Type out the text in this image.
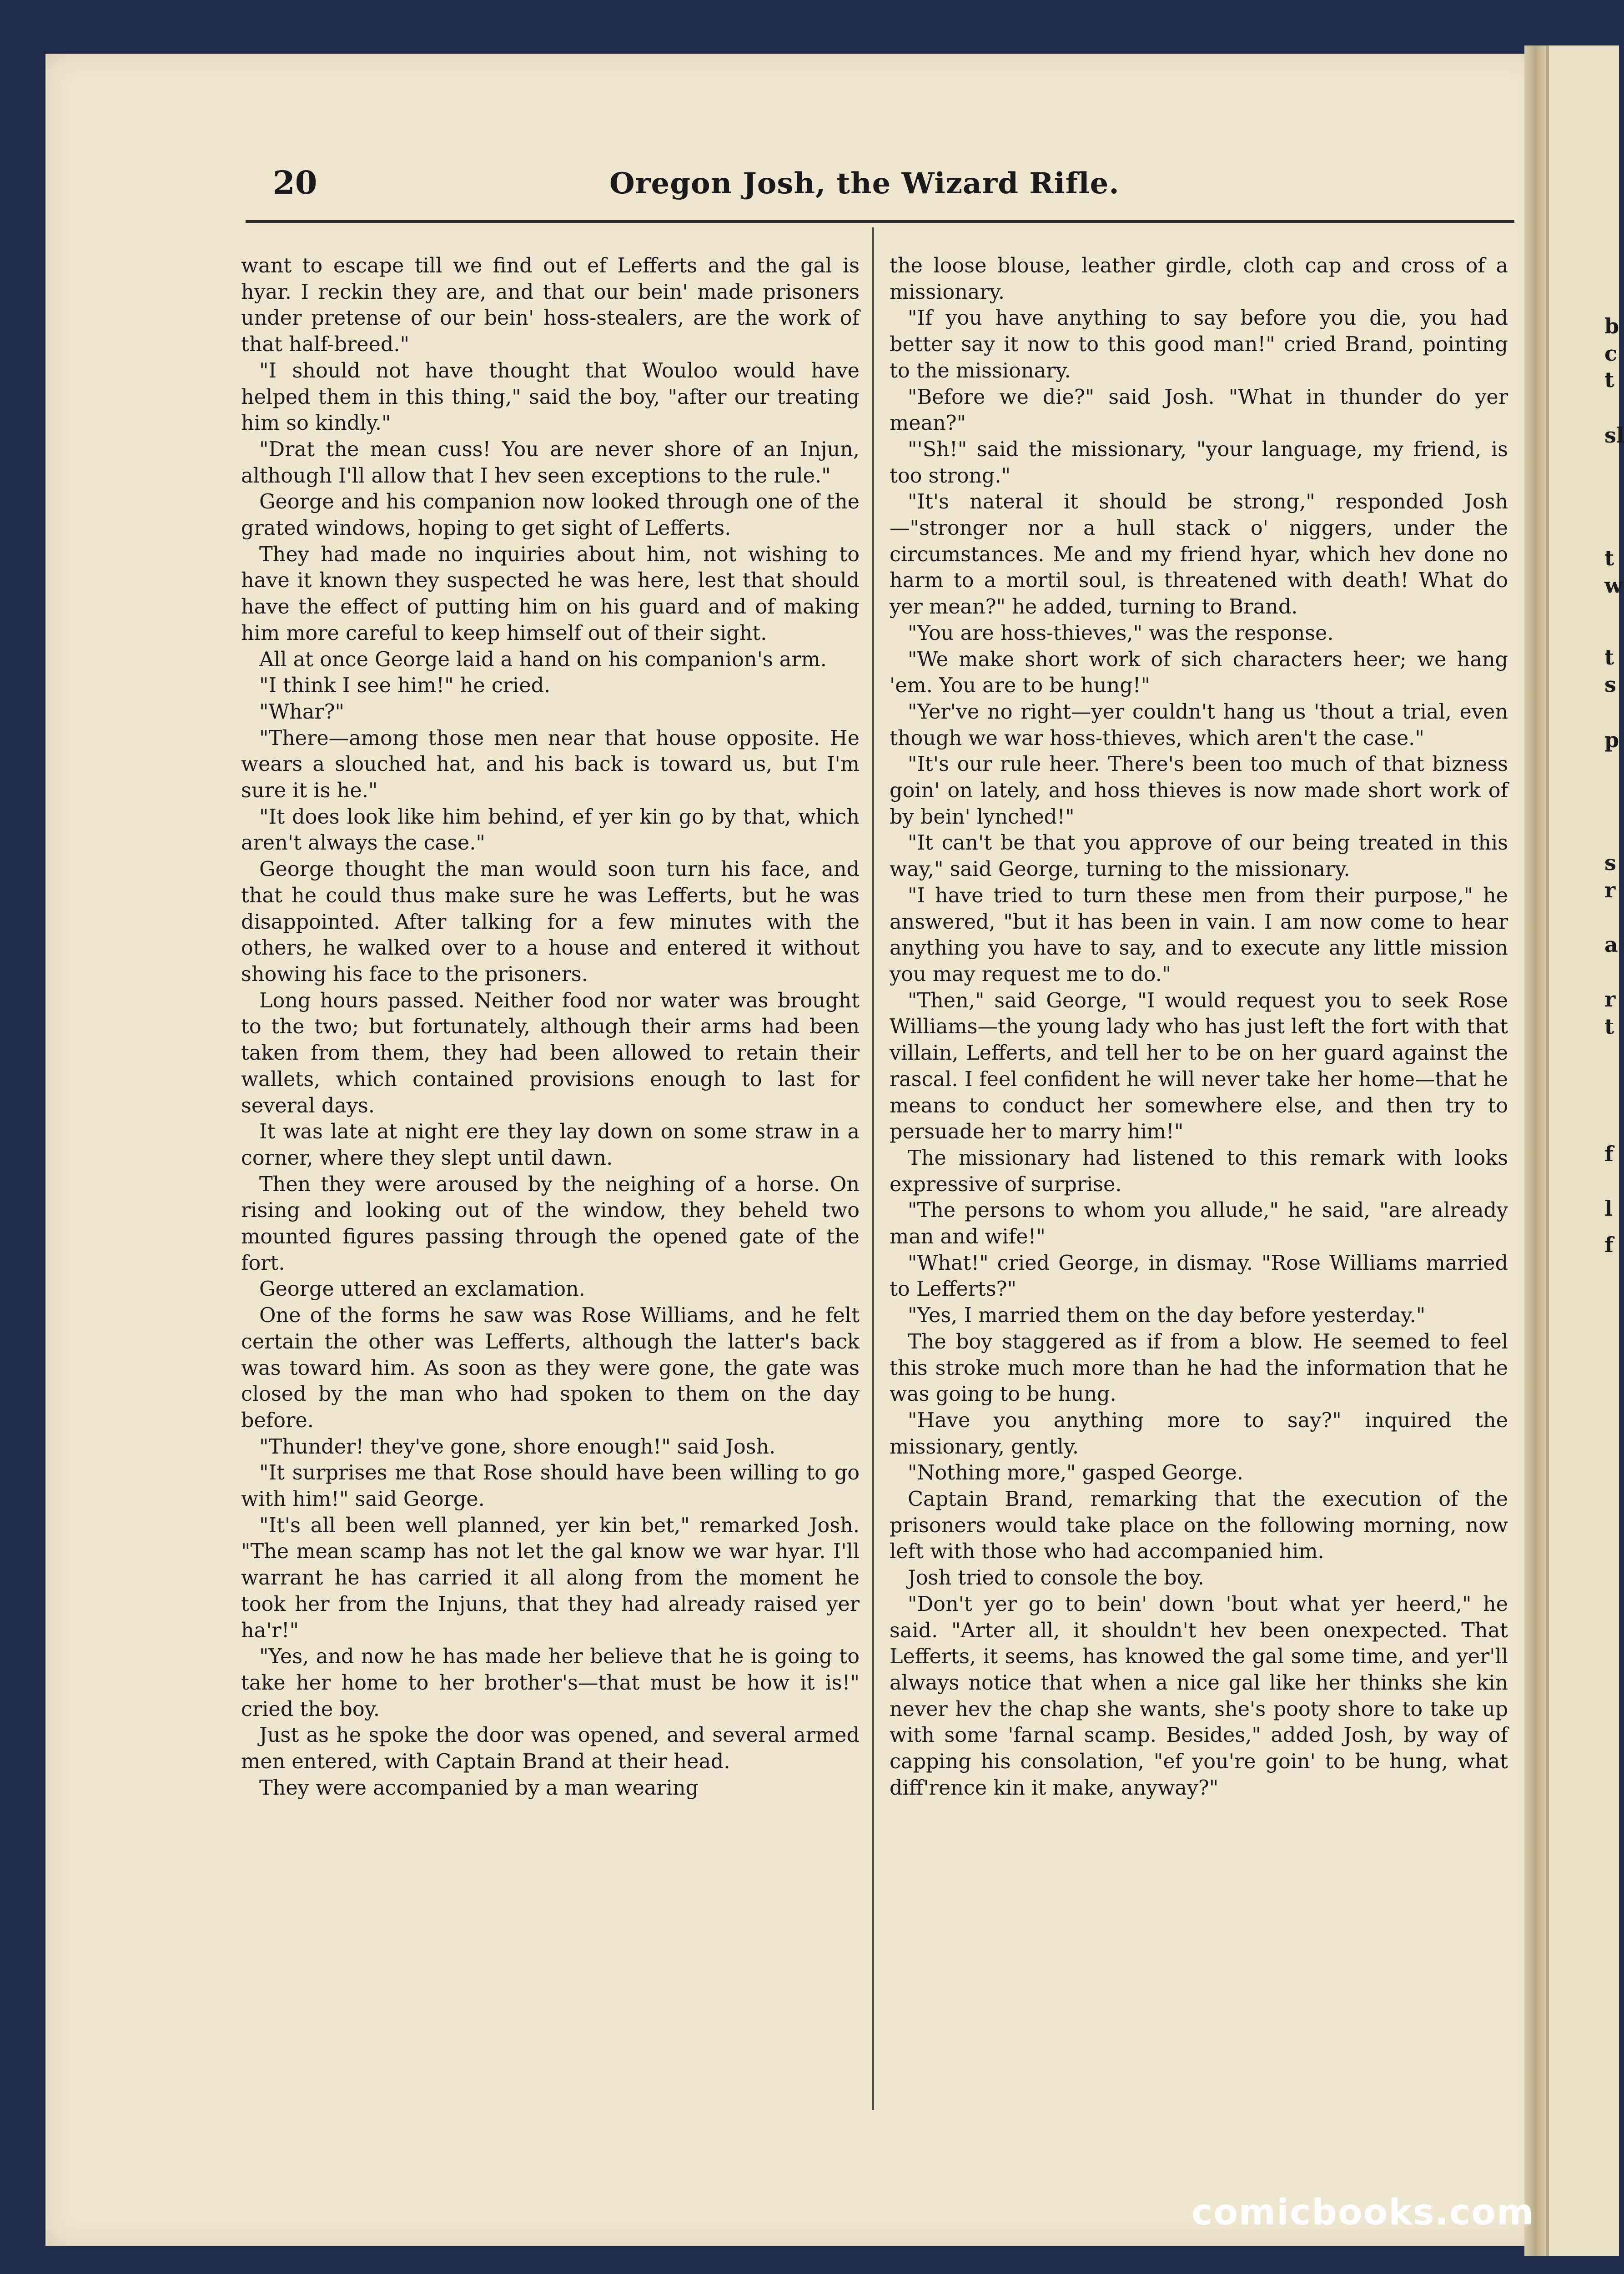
b
c
t
sl
t
w
t
s
p
s
r
a
r
t
f
l
f
20	Oregon Josh, the Wizard Rifle.

want to escape till we find out ef Lefferts and the gal is hyar. I reckin they are, and that our bein' made prisoners under pretense of our bein' hoss-stealers, are the work of that half-breed."

"I should not have thought that Wouloo would have helped them in this thing," said the boy, "after our treating him so kindly."

"Drat the mean cuss! You are never shore of an Injun, although I'll allow that I hev seen exceptions to the rule."

George and his companion now looked through one of the grated windows, hoping to get sight of Lefferts.

They had made no inquiries about him, not wishing to have it known they suspected he was here, lest that should have the effect of putting him on his guard and of making him more careful to keep himself out of their sight.

All at once George laid a hand on his companion's arm.

"I think I see him!" he cried.

"Whar?"

"There—among those men near that house opposite. He wears a slouched hat, and his back is toward us, but I'm sure it is he."

"It does look like him behind, ef yer kin go by that, which aren't always the case."

George thought the man would soon turn his face, and that he could thus make sure he was Lefferts, but he was disappointed. After talking for a few minutes with the others, he walked over to a house and entered it without showing his face to the prisoners.

Long hours passed. Neither food nor water was brought to the two; but fortunately, although their arms had been taken from them, they had been allowed to retain their wallets, which contained provisions enough to last for several days.

It was late at night ere they lay down on some straw in a corner, where they slept until dawn.

Then they were aroused by the neighing of a horse. On rising and looking out of the window, they beheld two mounted figures passing through the opened gate of the fort.

George uttered an exclamation.

One of the forms he saw was Rose Williams, and he felt certain the other was Lefferts, although the latter's back was toward him. As soon as they were gone, the gate was closed by the man who had spoken to them on the day before.

"Thunder! they've gone, shore enough!" said Josh.

"It surprises me that Rose should have been willing to go with him!" said George.

"It's all been well planned, yer kin bet," remarked Josh. "The mean scamp has not let the gal know we war hyar. I'll warrant he has carried it all along from the moment he took her from the Injuns, that they had already raised yer ha'r!"

"Yes, and now he has made her believe that he is going to take her home to her brother's—that must be how it is!" cried the boy.

Just as he spoke the door was opened, and several armed men entered, with Captain Brand at their head.

They were accompanied by a man wearing

the loose blouse, leather girdle, cloth cap and cross of a missionary.

"If you have anything to say before you die, you had better say it now to this good man!" cried Brand, pointing to the missionary.

"Before we die?" said Josh. "What in thunder do yer mean?"

"'Sh!" said the missionary, "your language, my friend, is too strong."

"It's nateral it should be strong," responded Josh—"stronger nor a hull stack o' niggers, under the circumstances. Me and my friend hyar, which hev done no harm to a mortil soul, is threatened with death! What do yer mean?" he added, turning to Brand.

"You are hoss-thieves," was the response.

"We make short work of sich characters heer; we hang 'em. You are to be hung!"

"Yer've no right—yer couldn't hang us 'thout a trial, even though we war hoss-thieves, which aren't the case."

"It's our rule heer. There's been too much of that bizness goin' on lately, and hoss thieves is now made short work of by bein' lynched!"

"It can't be that you approve of our being treated in this way," said George, turning to the missionary.

"I have tried to turn these men from their purpose," he answered, "but it has been in vain. I am now come to hear anything you have to say, and to execute any little mission you may request me to do."

"Then," said George, "I would request you to seek Rose Williams—the young lady who has just left the fort with that villain, Lefferts, and tell her to be on her guard against the rascal. I feel confident he will never take her home—that he means to conduct her somewhere else, and then try to persuade her to marry him!"

The missionary had listened to this remark with looks expressive of surprise.

"The persons to whom you allude," he said, "are already man and wife!"

"What!" cried George, in dismay. "Rose Williams married to Lefferts?"

"Yes, I married them on the day before yesterday."

The boy staggered as if from a blow. He seemed to feel this stroke much more than he had the information that he was going to be hung.

"Have you anything more to say?" inquired the missionary, gently.

"Nothing more," gasped George.

Captain Brand, remarking that the execution of the prisoners would take place on the following morning, now left with those who had accompanied him.

Josh tried to console the boy.

"Don't yer go to bein' down 'bout what yer heerd," he said. "Arter all, it shouldn't hev been onexpected. That Lefferts, it seems, has knowed the gal some time, and yer'll always notice that when a nice gal like her thinks she kin never hev the chap she wants, she's pooty shore to take up with some 'farnal scamp. Besides," added Josh, by way of capping his consolation, "ef you're goin' to be hung, what diff'rence kin it make, anyway?"

comicbooks.com
